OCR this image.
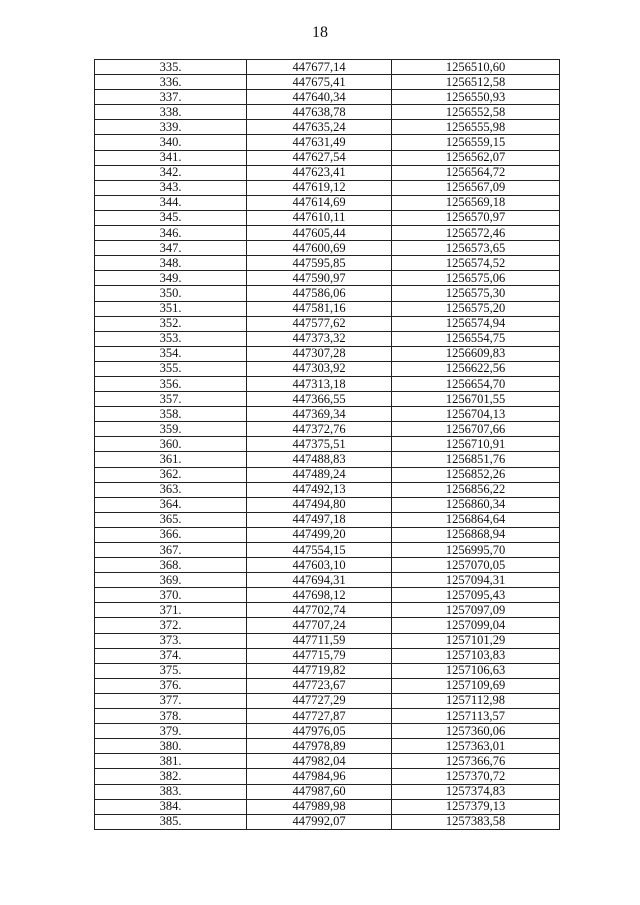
18
335.	447677,14	1256510,60
336.	447675,41	1256512,58
337.	447640,34	1256550,93
338.	447638,78	1256552,58
339.	447635,24	1256555,98
340.	447631,49	1256559,15
341.	447627,54	1256562,07
342.	447623,41	1256564,72
343.	447619,12	1256567,09
344.	447614,69	1256569,18
345.	447610,11	1256570,97
346.	447605,44	1256572,46
347.	447600,69	1256573,65
348.	447595,85	1256574,52
349.	447590,97	1256575,06
350.	447586,06	1256575,30
351.	447581,16	1256575,20
352.	447577,62	1256574,94
353.	447373,32	1256554,75
354.	447307,28	1256609,83
355.	447303,92	1256622,56
356.	447313,18	1256654,70
357.	447366,55	1256701,55
358.	447369,34	1256704,13
359.	447372,76	1256707,66
360.	447375,51	1256710,91
361.	447488,83	1256851,76
362.	447489,24	1256852,26
363.	447492,13	1256856,22
364.	447494,80	1256860,34
365.	447497,18	1256864,64
366.	447499,20	1256868,94
367.	447554,15	1256995,70
368.	447603,10	1257070,05
369.	447694,31	1257094,31
370.	447698,12	1257095,43
371.	447702,74	1257097,09
372.	447707,24	1257099,04
373.	447711,59	1257101,29
374.	447715,79	1257103,83
375.	447719,82	1257106,63
376.	447723,67	1257109,69
377.	447727,29	1257112,98
378.	447727,87	1257113,57
379.	447976,05	1257360,06
380.	447978,89	1257363,01
381.	447982,04	1257366,76
382.	447984,96	1257370,72
383.	447987,60	1257374,83
384.	447989,98	1257379,13
385.	447992,07	1257383,58
